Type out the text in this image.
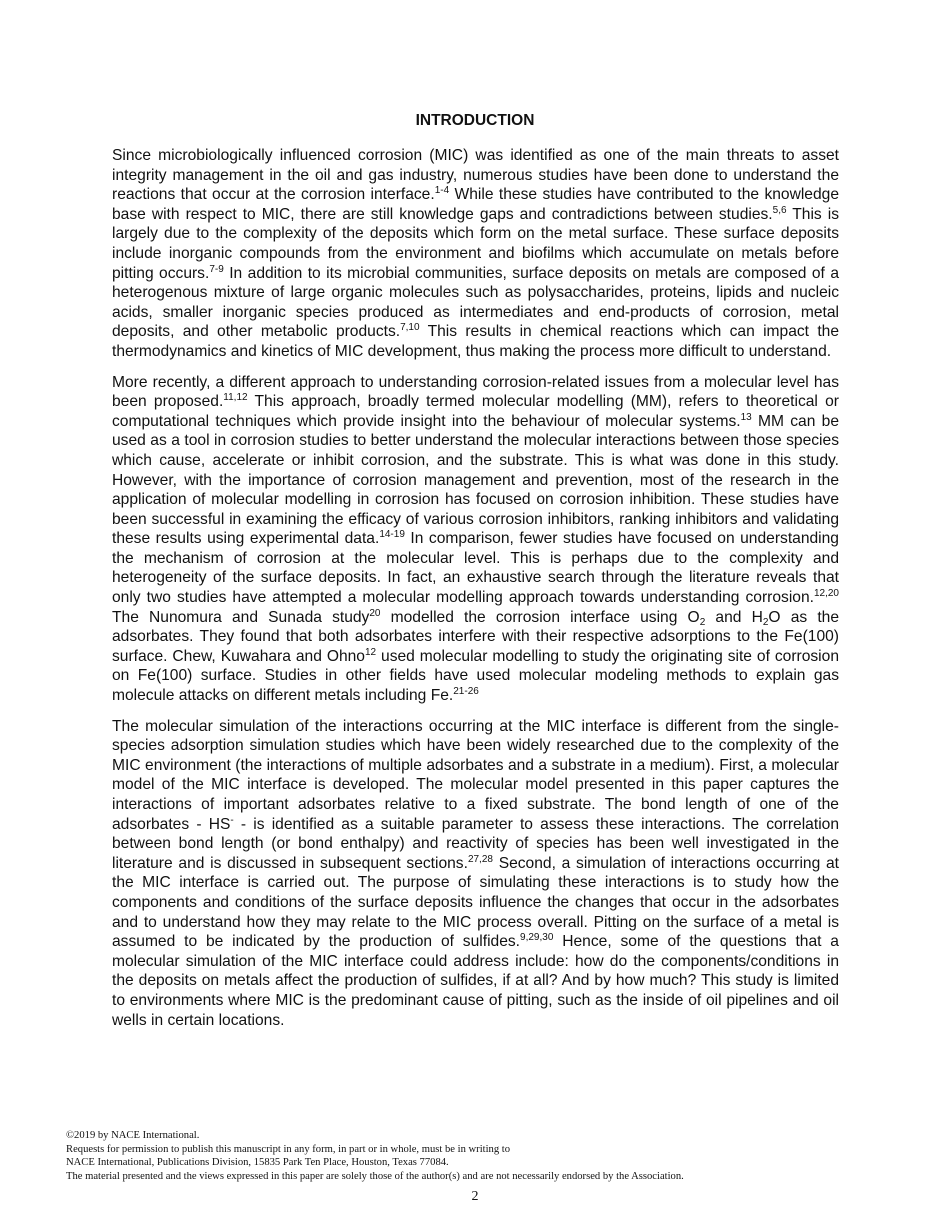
INTRODUCTION

Since microbiologically influenced corrosion (MIC) was identified as one of the main threats to asset integrity management in the oil and gas industry, numerous studies have been done to understand the reactions that occur at the corrosion interface.$^{1-4}$ While these studies have contributed to the knowledge base with respect to MIC, there are still knowledge gaps and contradictions between studies.$^{5,6}$ This is largely due to the complexity of the deposits which form on the metal surface. These surface deposits include inorganic compounds from the environment and biofilms which accumulate on metals before pitting occurs.$^{7-9}$ In addition to its microbial communities, surface deposits on metals are composed of a heterogenous mixture of large organic molecules such as polysaccharides, proteins, lipids and nucleic acids, smaller inorganic species produced as intermediates and end-products of corrosion, metal deposits, and other metabolic products.$^{7,10}$ This results in chemical reactions which can impact the thermodynamics and kinetics of MIC development, thus making the process more difficult to understand.

More recently, a different approach to understanding corrosion-related issues from a molecular level has been proposed.$^{11,12}$ This approach, broadly termed molecular modelling (MM), refers to theoretical or computational techniques which provide insight into the behaviour of molecular systems.$^{13}$ MM can be used as a tool in corrosion studies to better understand the molecular interactions between those species which cause, accelerate or inhibit corrosion, and the substrate. This is what was done in this study. However, with the importance of corrosion management and prevention, most of the research in the application of molecular modelling in corrosion has focused on corrosion inhibition. These studies have been successful in examining the efficacy of various corrosion inhibitors, ranking inhibitors and validating these results using experimental data.$^{14-19}$ In comparison, fewer studies have focused on understanding the mechanism of corrosion at the molecular level. This is perhaps due to the complexity and heterogeneity of the surface deposits. In fact, an exhaustive search through the literature reveals that only two studies have attempted a molecular modelling approach towards understanding corrosion.$^{12,20}$ The Nunomura and Sunada study$^{20}$ modelled the corrosion interface using $O_2$ and $H_2O$ as the adsorbates. They found that both adsorbates interfere with their respective adsorptions to the Fe(100) surface. Chew, Kuwahara and Ohno$^{12}$ used molecular modelling to study the originating site of corrosion on Fe(100) surface. Studies in other fields have used molecular modeling methods to explain gas molecule attacks on different metals including Fe.$^{21-26}$

The molecular simulation of the interactions occurring at the MIC interface is different from the single-species adsorption simulation studies which have been widely researched due to the complexity of the MIC environment (the interactions of multiple adsorbates and a substrate in a medium). First, a molecular model of the MIC interface is developed. The molecular model presented in this paper captures the interactions of important adsorbates relative to a fixed substrate. The bond length of one of the adsorbates - HS- - is identified as a suitable parameter to assess these interactions. The correlation between bond length (or bond enthalpy) and reactivity of species has been well investigated in the literature and is discussed in subsequent sections.$^{27,28}$ Second, a simulation of interactions occurring at the MIC interface is carried out. The purpose of simulating these interactions is to study how the components and conditions of the surface deposits influence the changes that occur in the adsorbates and to understand how they may relate to the MIC process overall. Pitting on the surface of a metal is assumed to be indicated by the production of sulfides.$^{9,29,30}$ Hence, some of the questions that a molecular simulation of the MIC interface could address include: how do the components/conditions in the deposits on metals affect the production of sulfides, if at all? And by how much? This study is limited to environments where MIC is the predominant cause of pitting, such as the inside of oil pipelines and oil wells in certain locations.

©2019 by NACE International.
Requests for permission to publish this manuscript in any form, in part or in whole, must be in writing to
NACE International, Publications Division, 15835 Park Ten Place, Houston, Texas 77084.
The material presented and the views expressed in this paper are solely those of the author(s) and are not necessarily endorsed by the Association.
2
